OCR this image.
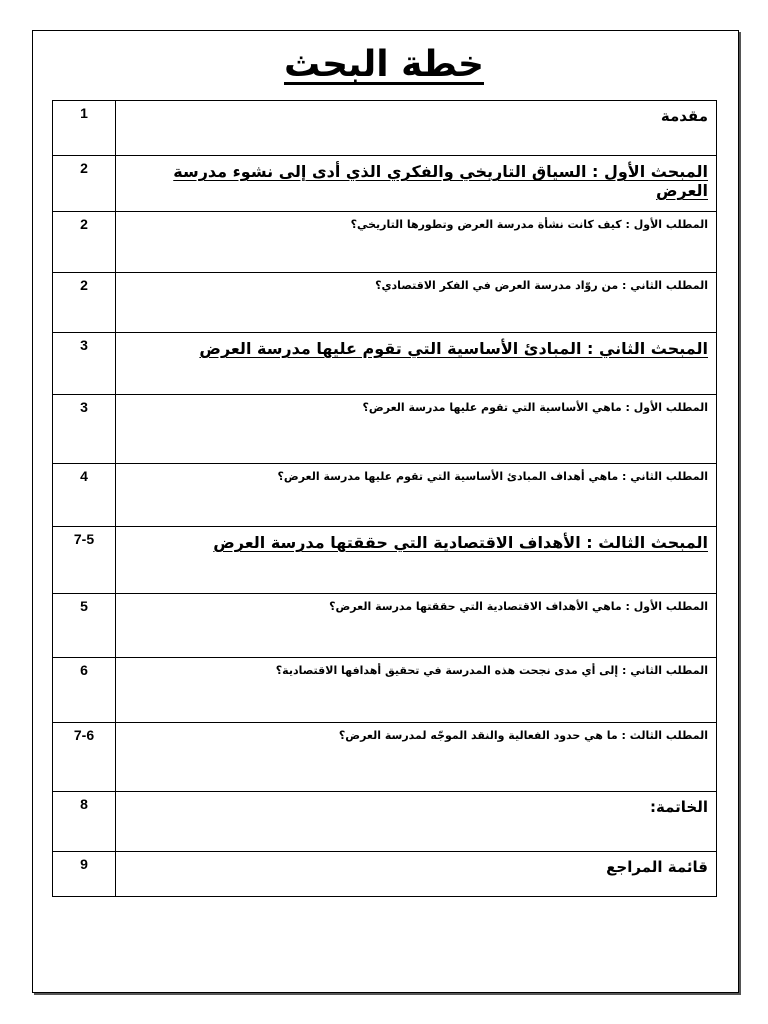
خطة البحث
1	مقدمة
2	المبحث الأول : السياق التاريخي والفكري الذي أدى إلى نشوء مدرسة العرض
2	المطلب الأول : كيف كانت نشأة مدرسة العرض وتطورها التاريخي؟
2	المطلب الثاني : من روّاد مدرسة العرض في الفكر الاقتصادي؟
3	المبحث الثاني : المبادئ الأساسية التي تقوم عليها مدرسة العرض
3	المطلب الأول : ماهي الأساسية التي تقوم عليها مدرسة العرض؟
4	المطلب الثاني : ماهي أهداف المبادئ الأساسية التي تقوم عليها مدرسة العرض؟
7-5	المبحث الثالث : الأهداف الاقتصادية التي حققتها مدرسة العرض
5	المطلب الأول : ماهي الأهداف الاقتصادية التي حققتها مدرسة العرض؟
6	المطلب الثاني : إلى أي مدى نجحت هذه المدرسة في تحقيق أهدافها الاقتصادية؟
7-6	المطلب الثالث : ما هي حدود الفعالية والنقد الموجّه لمدرسة العرض؟
8	الخاتمة:
9	قائمة المراجع
